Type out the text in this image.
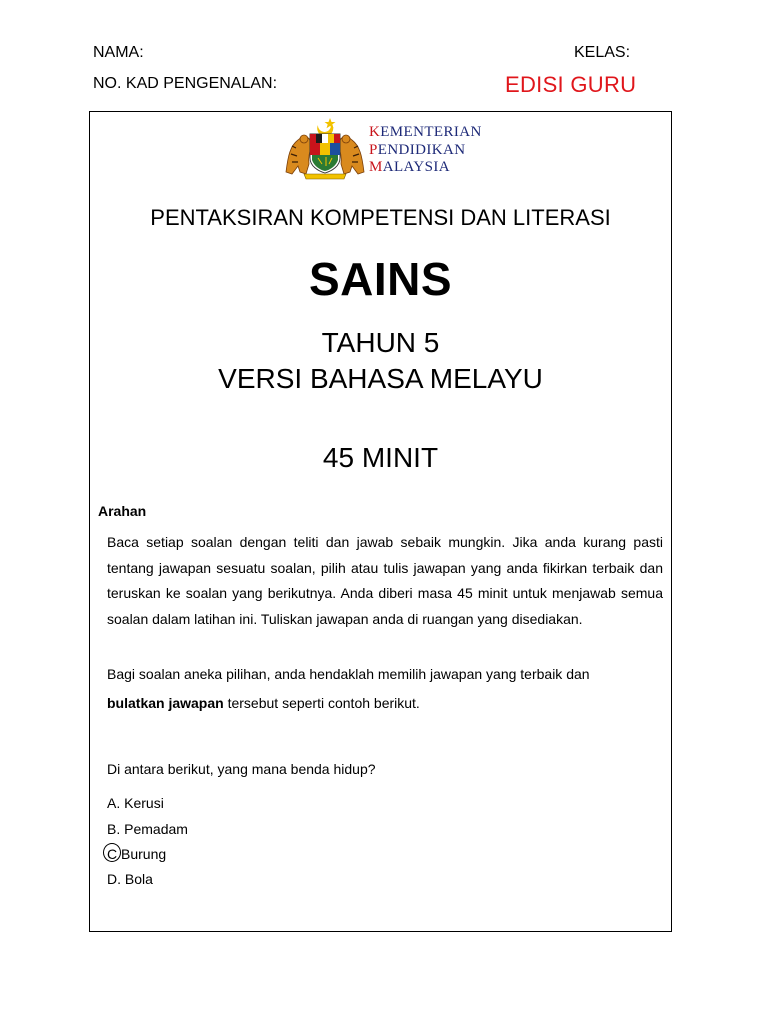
NAMA:	KELAS:
NO. KAD PENGENALAN:	EDISI GURU
KEMENTERIAN
PENDIDIKAN
MALAYSIA
PENTAKSIRAN KOMPETENSI DAN LITERASI
SAINS
TAHUN 5
VERSI BAHASA MELAYU
45 MINIT
Arahan
Baca setiap soalan dengan teliti dan jawab sebaik mungkin. Jika anda kurang pasti tentang jawapan sesuatu soalan, pilih atau tulis jawapan yang anda fikirkan terbaik dan teruskan ke soalan yang berikutnya. Anda diberi masa 45 minit untuk menjawab semua soalan dalam latihan ini. Tuliskan jawapan anda di ruangan yang disediakan.
Bagi soalan aneka pilihan, anda hendaklah memilih jawapan yang terbaik dan
bulatkan jawapan tersebut seperti contoh berikut.
Di antara berikut, yang mana benda hidup?
A. Kerusi
B. Pemadam
C Burung
D. Bola
